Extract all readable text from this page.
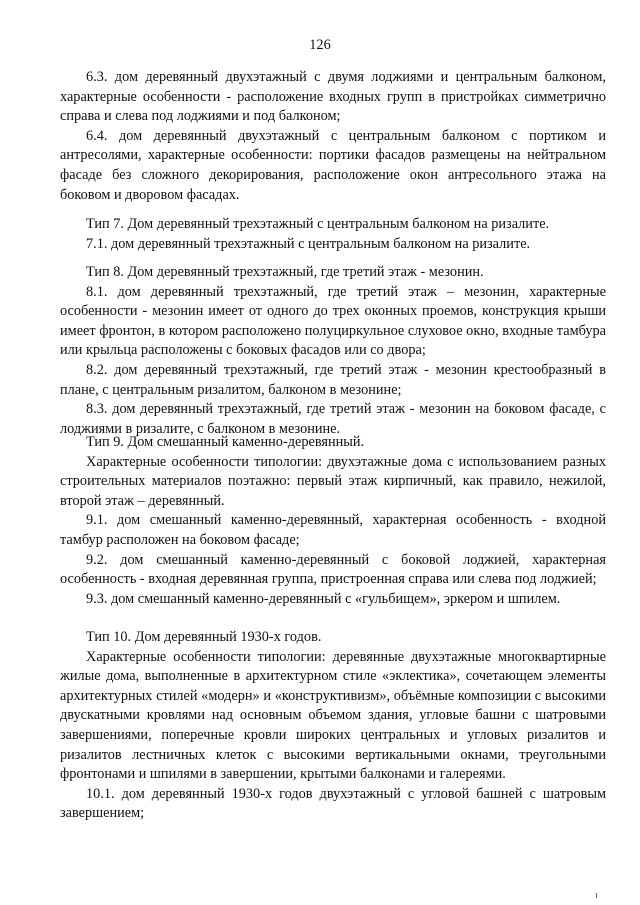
126

6.3. дом деревянный двухэтажный с двумя лоджиями и центральным балконом, характерные особенности - расположение входных групп в пристройках симметрично справа и слева под лоджиями и под балконом;

6.4. дом деревянный двухэтажный с центральным балконом с портиком и антресолями, характерные особенности: портики фасадов размещены на нейтральном фасаде без сложного декорирования, расположение окон антресольного этажа на боковом и дворовом фасадах.

Тип 7. Дом деревянный трехэтажный с центральным балконом на ризалите.

7.1. дом деревянный трехэтажный с центральным балконом на ризалите.

Тип 8. Дом деревянный трехэтажный, где третий этаж - мезонин.

8.1. дом деревянный трехэтажный, где третий этаж – мезонин, характерные особенности - мезонин имеет от одного до трех оконных проемов, конструкция крыши имеет фронтон, в котором расположено полуциркульное слуховое окно, входные тамбура или крыльца расположены с боковых фасадов или со двора;

8.2. дом деревянный трехэтажный, где третий этаж - мезонин крестообразный в плане, с центральным ризалитом, балконом в мезонине;

8.3. дом деревянный трехэтажный, где третий этаж - мезонин на боковом фасаде, с лоджиями в ризалите, с балконом в мезонине.

Тип 9. Дом смешанный каменно-деревянный.

Характерные особенности типологии: двухэтажные дома с использованием разных строительных материалов поэтажно: первый этаж кирпичный, как правило, нежилой, второй этаж – деревянный.

9.1. дом смешанный каменно-деревянный, характерная особенность - входной тамбур расположен на боковом фасаде;

9.2. дом смешанный каменно-деревянный с боковой лоджией, характерная особенность - входная деревянная группа, пристроенная справа или слева под лоджией;

9.3. дом смешанный каменно-деревянный с «гульбищем», эркером и шпилем.

Тип 10. Дом деревянный 1930-х годов.

Характерные особенности типологии: деревянные двухэтажные многоквартирные жилые дома, выполненные в архитектурном стиле «эклектика», сочетающем элементы архитектурных стилей «модерн» и «конструктивизм», объёмные композиции с высокими двускатными кровлями над основным объемом здания, угловые башни с шатровыми завершениями, поперечные кровли широких центральных и угловых ризалитов и ризалитов лестничных клеток с высокими вертикальными окнами, треугольными фронтонами и шпилями в завершении, крытыми балконами и галереями.

10.1. дом деревянный 1930-х годов двухэтажный с угловой башней с шатровым завершением;
